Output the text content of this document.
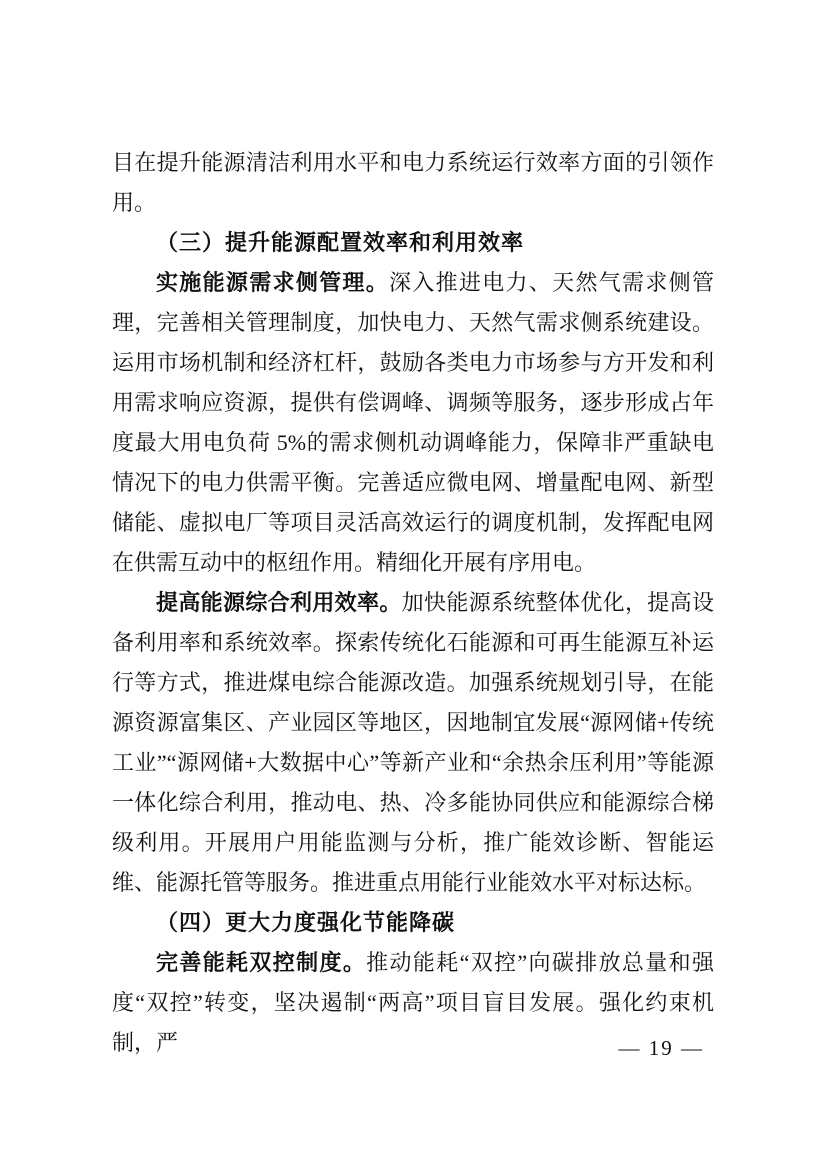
目在提升能源清洁利用水平和电力系统运行效率方面的引领作用。

（三）提升能源配置效率和利用效率

实施能源需求侧管理。深入推进电力、天然气需求侧管理，完善相关管理制度，加快电力、天然气需求侧系统建设。运用市场机制和经济杠杆，鼓励各类电力市场参与方开发和利用需求响应资源，提供有偿调峰、调频等服务，逐步形成占年度最大用电负荷 5%的需求侧机动调峰能力，保障非严重缺电情况下的电力供需平衡。完善适应微电网、增量配电网、新型储能、虚拟电厂等项目灵活高效运行的调度机制，发挥配电网在供需互动中的枢纽作用。精细化开展有序用电。

提高能源综合利用效率。加快能源系统整体优化，提高设备利用率和系统效率。探索传统化石能源和可再生能源互补运行等方式，推进煤电综合能源改造。加强系统规划引导，在能源资源富集区、产业园区等地区，因地制宜发展“源网储+传统工业”“源网储+大数据中心”等新产业和“余热余压利用”等能源一体化综合利用，推动电、热、冷多能协同供应和能源综合梯级利用。开展用户用能监测与分析，推广能效诊断、智能运维、能源托管等服务。推进重点用能行业能效水平对标达标。

（四）更大力度强化节能降碳

完善能耗双控制度。推动能耗“双控”向碳排放总量和强度“双控”转变，坚决遏制“两高”项目盲目发展。强化约束机制，严	— 19 —
